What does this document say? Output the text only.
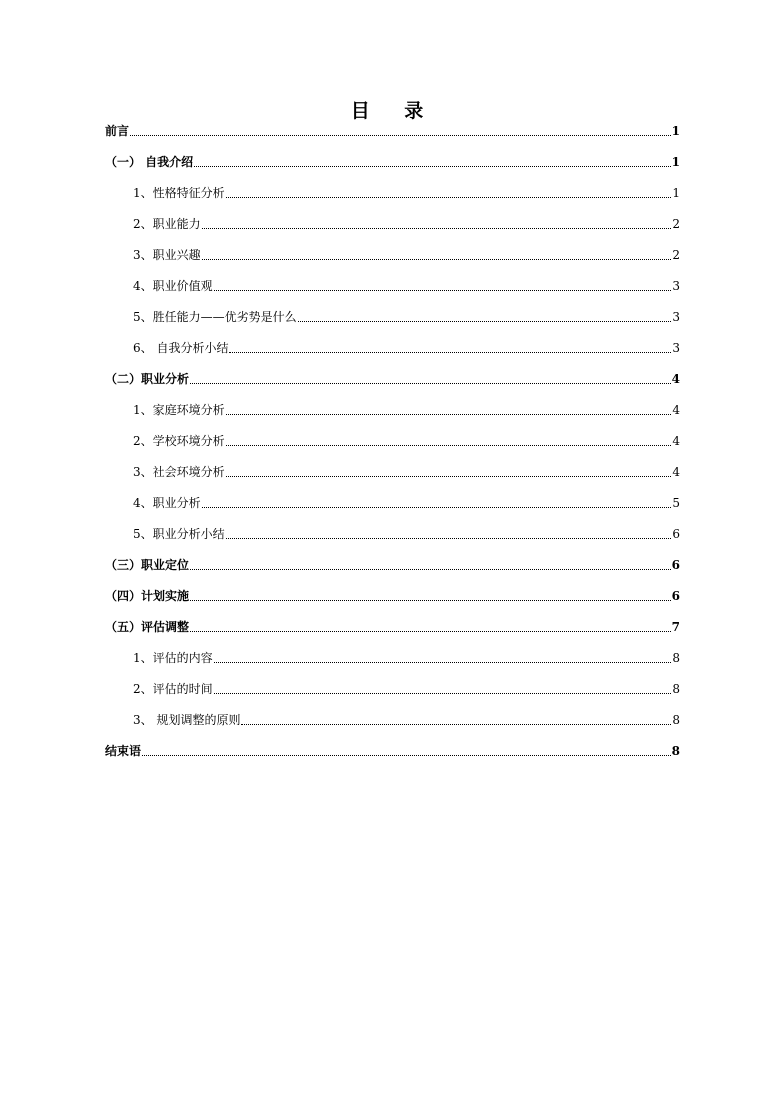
目 录
前言	1
（一） 自我介绍	1
1、性格特征分析	1
2、职业能力	2
3、职业兴趣	2
4、职业价值观	3
5、胜任能力——优劣势是什么	3
6、 自我分析小结	3
（二）职业分析	4
1、家庭环境分析	4
2、学校环境分析	4
3、社会环境分析	4
4、职业分析	5
5、职业分析小结	6
（三）职业定位	6
（四）计划实施	6
（五）评估调整	7
1、评估的内容	8
2、评估的时间	8
3、 规划调整的原则	8
结束语	8
